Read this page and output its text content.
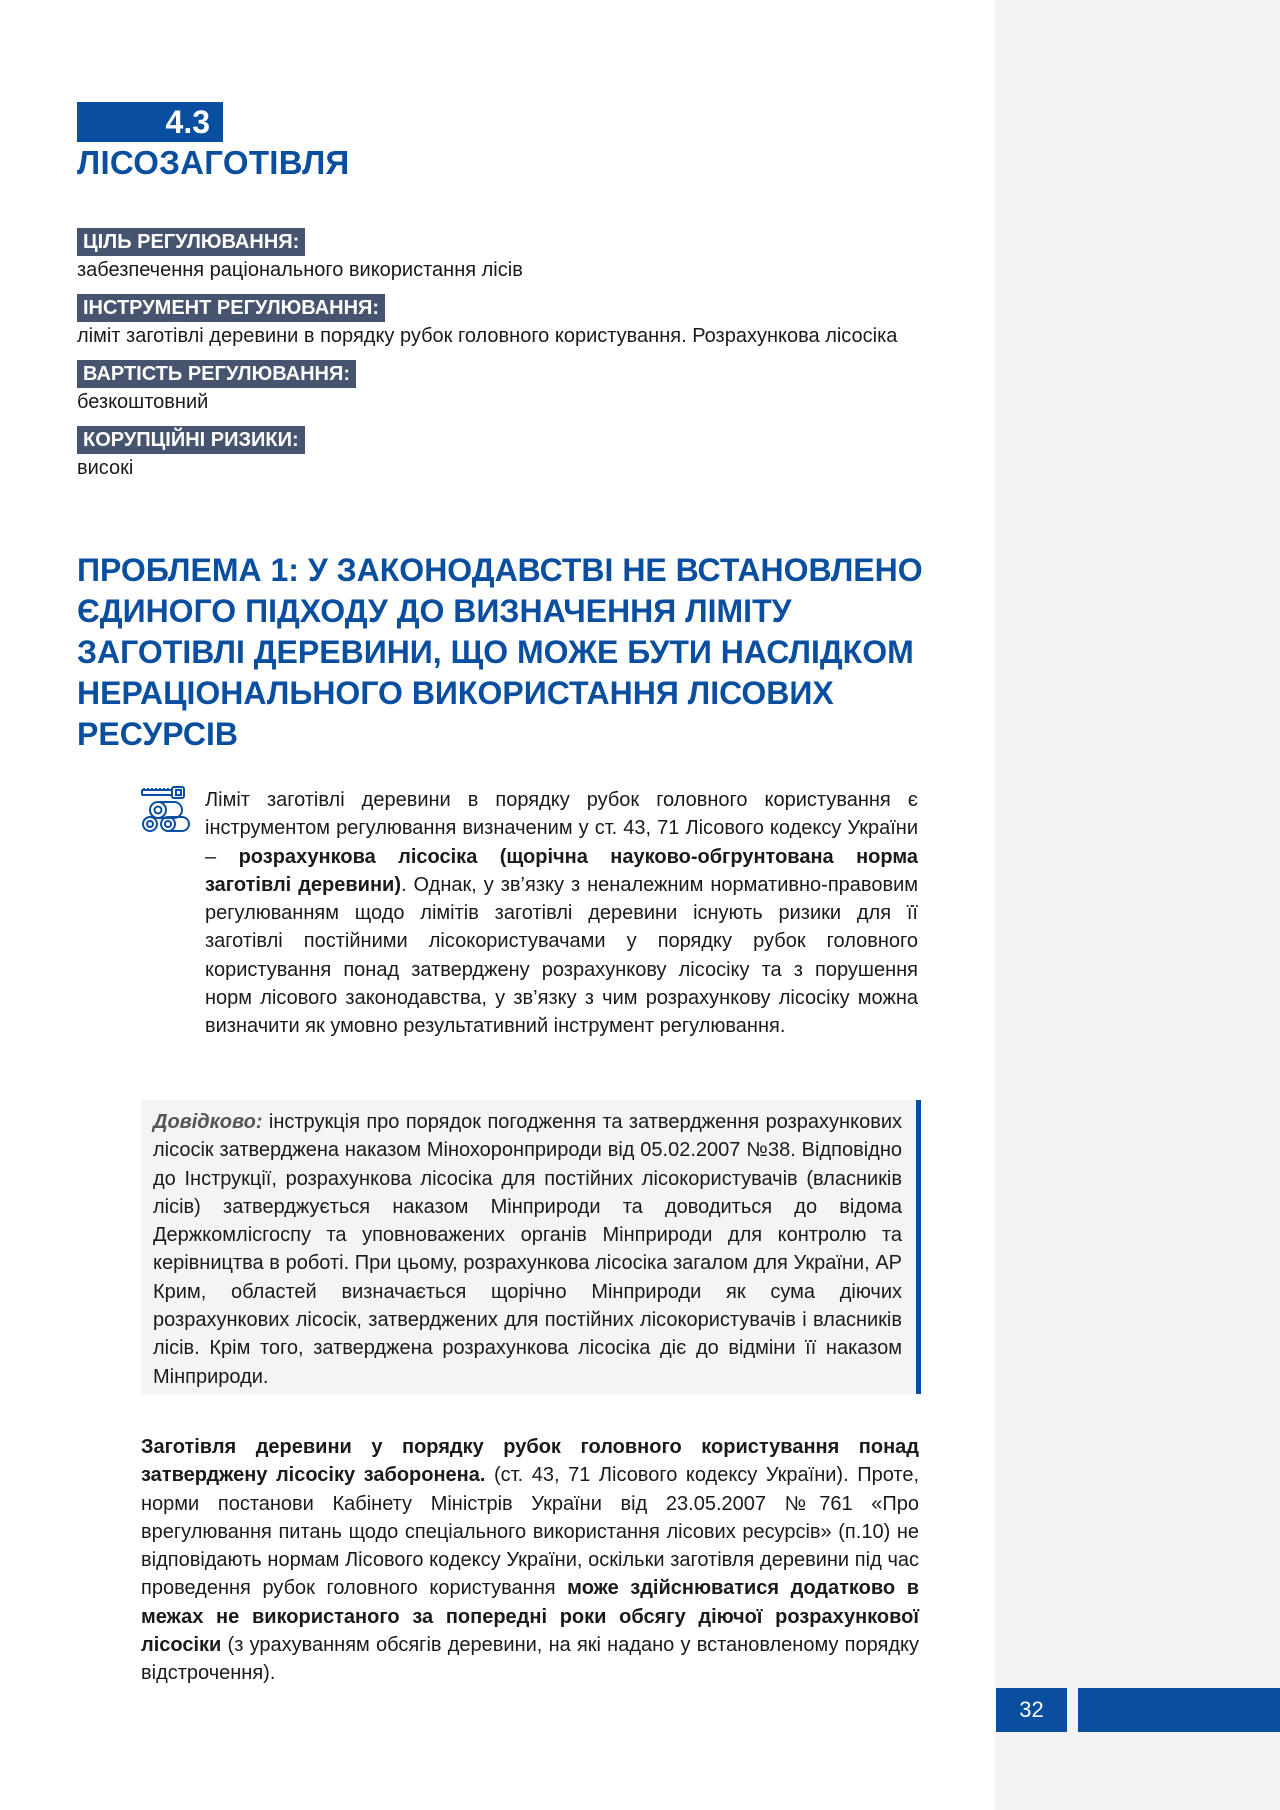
32
4.3
ЛІСОЗАГОТІВЛЯ
ЦІЛЬ РЕГУЛЮВАННЯ:
забезпечення раціонального використання лісів
ІНСТРУМЕНТ РЕГУЛЮВАННЯ:
ліміт заготівлі деревини в порядку рубок головного користування. Розрахункова лісосіка
ВАРТІСТЬ РЕГУЛЮВАННЯ:
безкоштовний
КОРУПЦІЙНІ РИЗИКИ:
високі
ПРОБЛЕМА 1: У ЗАКОНОДАВСТВІ НЕ ВСТАНОВЛЕНО ЄДИНОГО ПІДХОДУ ДО ВИЗНАЧЕННЯ ЛІМІТУ ЗАГОТІВЛІ ДЕРЕВИНИ, ЩО МОЖЕ БУТИ НАСЛІДКОМ НЕРАЦІОНАЛЬНОГО ВИКОРИСТАННЯ ЛІСОВИХ РЕСУРСІВ

Ліміт заготівлі деревини в порядку рубок головного користування є інструментом регулювання визначеним у ст. 43, 71 Лісового кодексу України – розрахункова лісосіка (щорічна науково-обгрунтована норма заготівлі деревини). Однак, у зв’язку з неналежним нормативно-правовим регулюванням щодо лімітів заготівлі деревини існують ризики для її заготівлі постійними лісокористувачами у порядку рубок головного користування понад затверджену розрахункову лісосіку та з порушення норм лісового законодавства, у зв’язку з чим розрахункову лісосіку можна визначити як умовно результативний інструмент регулювання.

Довідково: інструкція про порядок погодження та затвердження розрахункових лісосік затверджена наказом Мінохоронприроди від 05.02.2007 №38. Відповідно до Інструкції, розрахункова лісосіка для постійних лісокористувачів (власників лісів) затверджується наказом Мінприроди та доводиться до відома Держкомлісгоспу та уповноважених органів Мінприроди для контролю та керівництва в роботі. При цьому, розрахункова лісосіка загалом для України, АР Крим, областей визначається щорічно Мінприроди як сума діючих розрахункових лісосік, затверджених для постійних лісокористувачів і власників лісів. Крім того, затверджена розрахункова лісосіка діє до відміни її наказом Мінприроди.

Заготівля деревини у порядку рубок головного користування понад затверджену лісосіку заборонена. (ст. 43, 71 Лісового кодексу України). Проте, норми постанови Кабінету Міністрів України від 23.05.2007 №761 «Про врегулювання питань щодо спеціального використання лісових ресурсів» (п.10) не відповідають нормам Лісового кодексу України, оскільки заготівля деревини під час проведення рубок головного користування може здійснюватися додатково в межах не використаного за попередні роки обсягу діючої розрахункової лісосіки (з урахуванням обсягів деревини, на які надано у встановленому порядку відстрочення).
